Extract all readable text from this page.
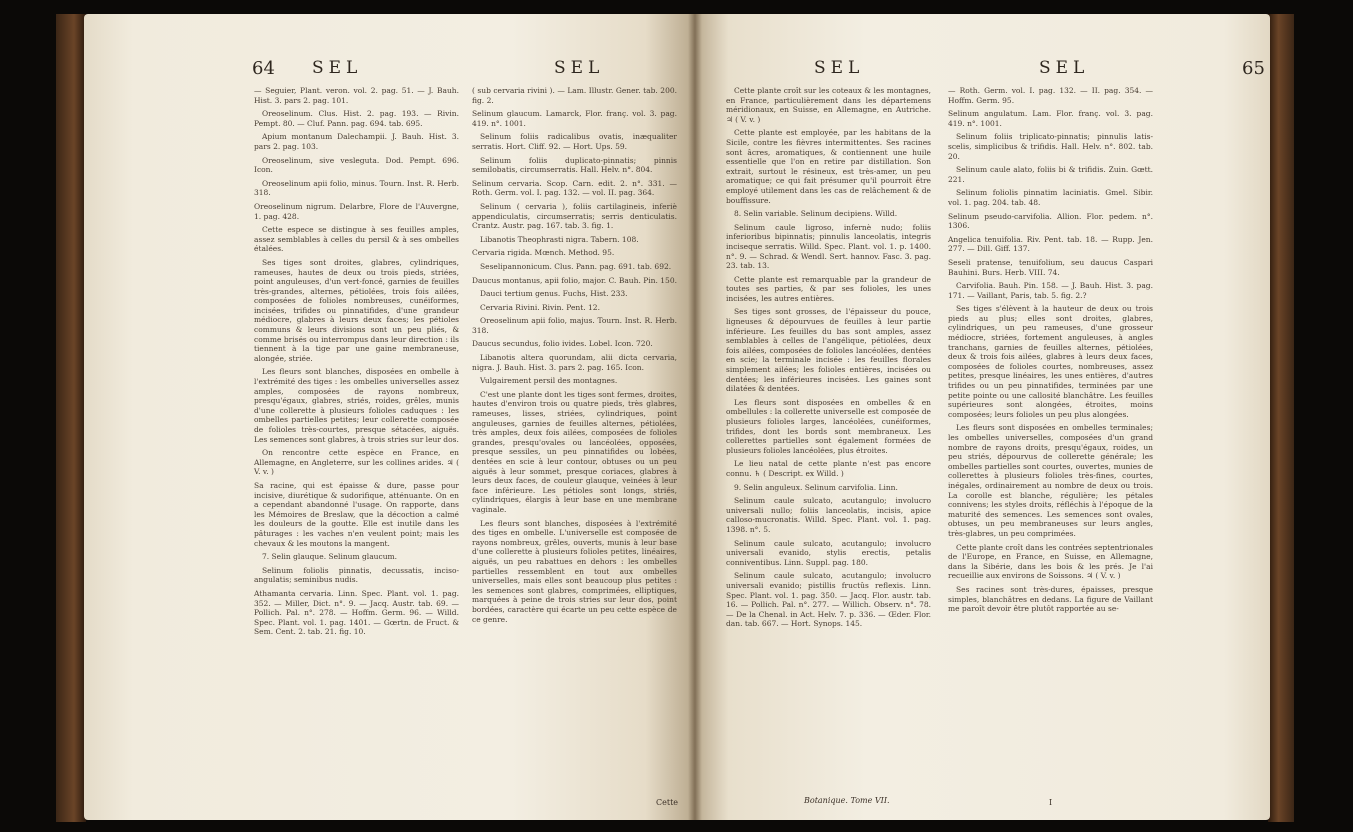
64 SEL	SEL

— Seguier, Plant. veron. vol. 2. pag. 51. — J. Bauh. Hist. 3. pars 2. pag. 101.

Oreoselinum. Clus. Hist. 2. pag. 193. — Rivin. Pempt. 80. — Cluf. Pann. pag. 694. tab. 695.

Apium montanum Dalechampii. J. Bauh. Hist. 3. pars 2. pag. 103.

Oreoselinum, sive vesleguta. Dod. Pempt. 696. Icon.

Oreoselinum apii folio, minus. Tourn. Inst. R. Herb. 318.

Oreoselinum nigrum. Delarbre, Flore de l'Auvergne, 1. pag. 428.

Cette espece se distingue à ses feuilles amples, assez semblables à celles du persil & à ses ombelles étalées.

Ses tiges sont droites, glabres, cylindriques, rameuses, hautes de deux ou trois pieds, striées, point anguleuses, d'un vert-foncé, garnies de feuilles très-grandes, alternes, pétiolées, trois fois ailées, composées de folioles nombreuses, cunéiformes, incisées, trifides ou pinnatifides, d'une grandeur médiocre, glabres à leurs deux faces; les pétioles communs & leurs divisions sont un peu pliés, & comme brisés ou interrompus dans leur direction : ils tiennent à la tige par une gaine membraneuse, alongée, striée.

Les fleurs sont blanches, disposées en ombelle à l'extrémité des tiges : les ombelles universelles assez amples, composées de rayons nombreux, presqu'égaux, glabres, striés, roides, grêles, munis d'une collerette à plusieurs folioles caduques : les ombelles partielles petites; leur collerette composée de folioles très-courtes, presque sétacées, aiguës. Les semences sont glabres, à trois stries sur leur dos.

On rencontre cette espèce en France, en Allemagne, en Angleterre, sur les collines arides. ♃ ( V. v. )

Sa racine, qui est épaisse & dure, passe pour incisive, diurétique & sudorifique, atténuante. On en a cependant abandonné l'usage. On rapporte, dans les Mémoires de Breslaw, que la décoction a calmé les douleurs de la goutte. Elle est inutile dans les pâturages : les vaches n'en veulent point; mais les chevaux & les moutons la mangent.

7. Selin glauque. Selinum glaucum.

Selinum foliolis pinnatis, decussatis, inciso-angulatis; seminibus nudis.

Athamanta cervaria. Linn. Spec. Plant. vol. 1. pag. 352. — Miller, Dict. n°. 9. — Jacq. Austr. tab. 69. — Pollich. Pal. n°. 278. — Hoffm. Germ. 96. — Willd. Spec. Plant. vol. 1. pag. 1401. — Gœrtn. de Fruct. & Sem. Cent. 2. tab. 21. fig. 10.

( sub cervaria rivini ). — Lam. Illustr. Gener. tab. 200. fig. 2.

Selinum glaucum. Lamarck, Flor. franç. vol. 3. pag. 419. n°. 1001.

Selinum foliis radicalibus ovatis, inæqualiter serratis. Hort. Cliff. 92. — Hort. Ups. 59.

Selinum foliis duplicato-pinnatis; pinnis semilobatis, circumserratis. Hall. Helv. n°. 804.

Selinum cervaria. Scop. Carn. edit. 2. n°. 331. — Roth. Germ. vol. I. pag. 132. — vol. II. pag. 364.

Selinum ( cervaria ), foliis cartilagineis, inferiè appendiculatis, circumserratis; serris denticulatis. Crantz. Austr. pag. 167. tab. 3. fig. 1.

Libanotis Theophrasti nigra. Tabern. 108.

Cervaria rigida. Mœnch. Method. 95.

Seselipannonicum. Clus. Pann. pag. 691. tab. 692.

Daucus montanus, apii folio, major. C. Bauh. Pin. 150.

Dauci tertium genus. Fuchs, Hist. 233.

Cervaria Rivini. Rivin. Pent. 12.

Oreoselinum apii folio, majus. Tourn. Inst. R. Herb. 318.

Daucus secundus, folio ivides. Lobel. Icon. 720.

Libanotis altera quorundam, alii dicta cervaria, nigra. J. Bauh. Hist. 3. pars 2. pag. 165. Icon.

Vulgairement persil des montagnes.

C'est une plante dont les tiges sont fermes, droites, hautes d'environ trois ou quatre pieds, très glabres, rameuses, lisses, striées, cylindriques, point anguleuses, garnies de feuilles alternes, pétiolées, très amples, deux fois ailées, composées de folioles grandes, presqu'ovales ou lancéolées, opposées, presque sessiles, un peu pinnatifides ou lobées, dentées en scie à leur contour, obtuses ou un peu aiguës à leur sommet, presque coriaces, glabres à leurs deux faces, de couleur glauque, veinées à leur face inférieure. Les pétioles sont longs, striés, cylindriques, élargis à leur base en une membrane vaginale.

Les fleurs sont blanches, disposées à l'extrémité des tiges en ombelle. L'universelle est composée de rayons nombreux, grêles, ouverts, munis à leur base d'une collerette à plusieurs folioles petites, linéaires, aiguës, un peu rabattues en dehors : les ombelles partielles ressemblent en tout aux ombelles universelles, mais elles sont beaucoup plus petites : les semences sont glabres, comprimées, elliptiques, marquées à peine de trois stries sur leur dos, point bordées, caractère qui écarte un peu cette espèce de ce genre.

Cette
SEL	SEL	65

Cette plante croît sur les coteaux & les montagnes, en France, particulièrement dans les départemens méridionaux, en Suisse, en Allemagne, en Autriche. ♃ ( V. v. )

Cette plante est employée, par les habitans de la Sicile, contre les fièvres intermittentes. Ses racines sont âcres, aromatiques, & contiennent une huile essentielle que l'on en retire par distillation. Son extrait, surtout le résineux, est très-amer, un peu aromatique; ce qui fait présumer qu'il pourroit être employé utilement dans les cas de relâchement & de bouffissure.

8. Selin variable. Selinum decipiens. Willd.

Selinum caule ligroso, infernè nudo; foliis inferioribus bipinnatis; pinnulis lanceolatis, integris inciseque serratis. Willd. Spec. Plant. vol. 1. p. 1400. n°. 9. — Schrad. & Wendl. Sert. hannov. Fasc. 3. pag. 23. tab. 13.

Cette plante est remarquable par la grandeur de toutes ses parties, & par ses folioles, les unes incisées, les autres entières.

Ses tiges sont grosses, de l'épaisseur du pouce, ligneuses & dépourvues de feuilles à leur partie inférieure. Les feuilles du bas sont amples, assez semblables à celles de l'angélique, pétiolées, deux fois ailées, composées de folioles lancéolées, dentées en scie; la terminale incisée : les feuilles florales simplement ailées; les folioles entières, incisées ou dentées; les inférieures incisées. Les gaines sont dilatées & dentées.

Les fleurs sont disposées en ombelles & en ombellules : la collerette universelle est composée de plusieurs folioles larges, lancéolées, cunéiformes, trifides, dont les bords sont membraneux. Les collerettes partielles sont également formées de plusieurs folioles lancéolées, plus étroites.

Le lieu natal de cette plante n'est pas encore connu. ♄ ( Descript. ex Willd. )

9. Selin anguleux. Selinum carvifolia. Linn.

Selinum caule sulcato, acutangulo; involucro universali nullo; foliis lanceolatis, incisis, apice calloso-mucronatis. Willd. Spec. Plant. vol. 1. pag. 1398. n°. 5.

Selinum caule sulcato, acutangulo; involucro universali evanido, stylis erectis, petalis conniventibus. Linn. Suppl. pag. 180.

Selinum caule sulcato, acutangulo; involucro universali evanido; pistillis fructûs reflexis. Linn. Spec. Plant. vol. 1. pag. 350. — Jacq. Flor. austr. tab. 16. — Pollich. Pal. n°. 277. — Willich. Observ. n°. 78. — De la Chenal. in Act. Helv. 7. p. 336. — Œder. Flor. dan. tab. 667. — Hort. Synops. 145.

— Roth. Germ. vol. I. pag. 132. — II. pag. 354. — Hoffm. Germ. 95.

Selinum angulatum. Lam. Flor. franç. vol. 3. pag. 419. n°. 1001.

Selinum foliis triplicato-pinnatis; pinnulis latis-scelis, simplicibus & trifidis. Hall. Helv. n°. 802. tab. 20.

Selinum caule alato, foliis bi & trifidis. Zuin. Gœtt. 221.

Selinum foliolis pinnatim laciniatis. Gmel. Sibir. vol. 1. pag. 204. tab. 48.

Selinum pseudo-carvifolia. Allion. Flor. pedem. n°. 1306.

Angelica tenuifolia. Riv. Pent. tab. 18. — Rupp. Jen. 277. — Dill. Giff. 137.

Seseli pratense, tenuifolium, seu daucus Caspari Bauhini. Burs. Herb. VIII. 74.

Carvifolia. Bauh. Pin. 158. — J. Bauh. Hist. 3. pag. 171. — Vaillant, Paris, tab. 5. fig. 2.?

Ses tiges s'élèvent à la hauteur de deux ou trois pieds au plus; elles sont droites, glabres, cylindriques, un peu rameuses, d'une grosseur médiocre, striées, fortement anguleuses, à angles tranchans, garnies de feuilles alternes, pétiolées, deux & trois fois ailées, glabres à leurs deux faces, composées de folioles courtes, nombreuses, assez petites, presque linéaires, les unes entières, d'autres trifides ou un peu pinnatifides, terminées par une petite pointe ou une callosité blanchâtre. Les feuilles supérieures sont alongées, étroites, moins composées; leurs folioles un peu plus alongées.

Les fleurs sont disposées en ombelles terminales; les ombelles universelles, composées d'un grand nombre de rayons droits, presqu'égaux, roides, un peu striés, dépourvus de collerette générale; les ombelles partielles sont courtes, ouvertes, munies de collerettes à plusieurs folioles très-fines, courtes, inégales, ordinairement au nombre de deux ou trois. La corolle est blanche, régulière; les pétales connivens; les styles droits, réfléchis à l'époque de la maturité des semences. Les semences sont ovales, obtuses, un peu membraneuses sur leurs angles, très-glabres, un peu comprimées.

Cette plante croît dans les contrées septentrionales de l'Europe, en France, en Suisse, en Allemagne, dans la Sibérie, dans les bois & les prés. Je l'ai recueillie aux environs de Soissons. ♃ ( V. v. )

Ses racines sont très-dures, épaisses, presque simples, blanchâtres en dedans. La figure de Vaillant me paroît devoir être plutôt rapportée au se-

Botanique. Tome VII.	I
